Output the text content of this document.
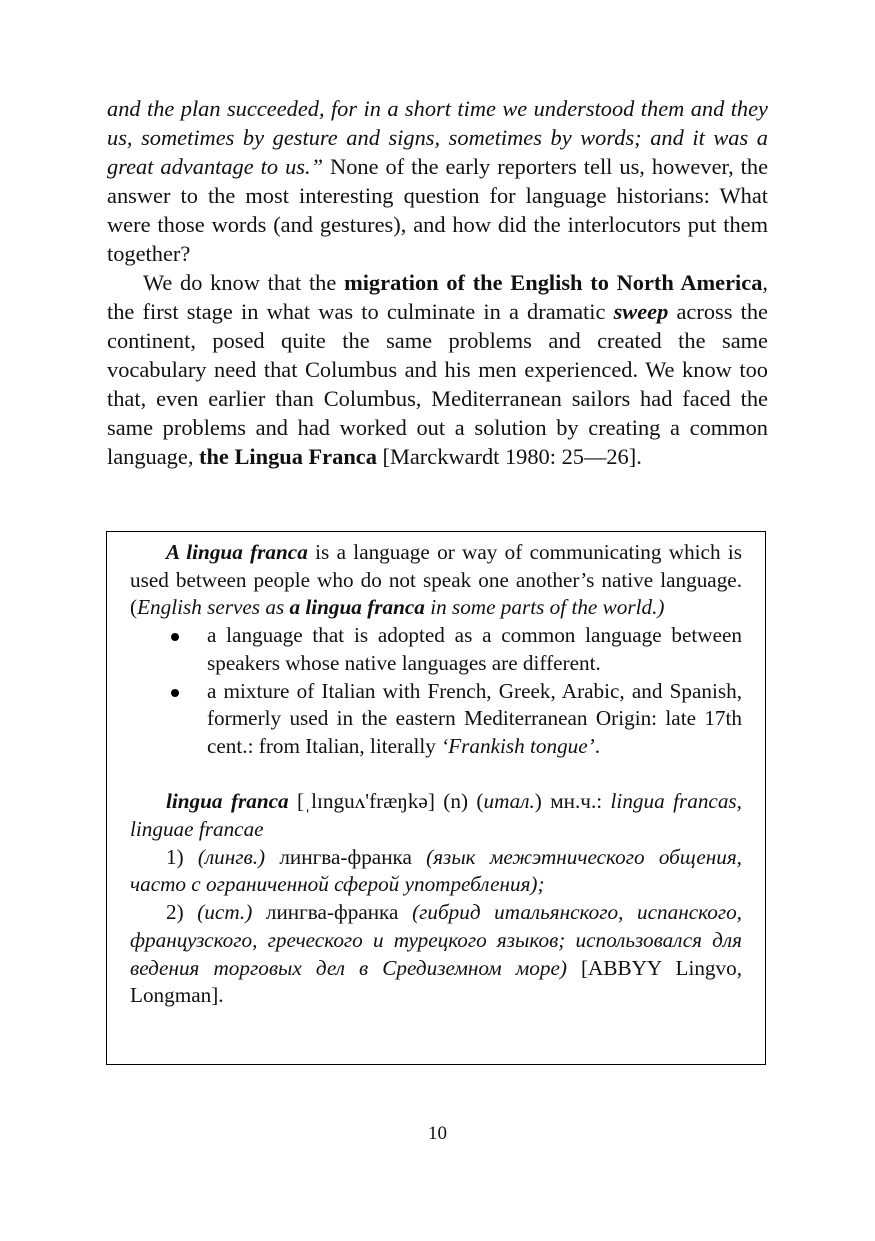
and the plan succeeded, for in a short time we understood them and they us, sometimes by gesture and signs, sometimes by words; and it was a great advantage to us.” None of the early reporters tell us, however, the answer to the most interesting question for language historians: What were those words (and gestures), and how did the interlocutors put them together?

We do know that the migration of the English to North America, the first stage in what was to culminate in a dramatic sweep across the continent, posed quite the same problems and created the same vocabulary need that Columbus and his men experienced. We know too that, even earlier than Columbus, Mediterranean sailors had faced the same problems and had worked out a solution by creating a common language, the Lingua Franca [Marckwardt 1980: 25—26].

A lingua franca is a language or way of communicating which is used between people who do not speak one another’s native language. (English serves as a lingua franca in some parts of the world.)

a language that is adopted as a common language between speakers whose native languages are different.
a mixture of Italian with French, Greek, Arabic, and Spanish, formerly used in the eastern Mediterranean Origin: late 17th cent.: from Italian, literally ‘Frankish tongue’.

lingua franca [ˌlɪnguʌ'fræŋkə] (n) (итал.) мн.ч.: lingua francas, linguae francae

1) (лингв.) лингва-франка (язык межэтнического общения, часто с ограниченной сферой употребления);

2) (ист.) лингва-франка (гибрид итальянского, испанского, французского, греческого и турецкого языков; использовался для ведения торговых дел в Средиземном море) [ABBYY Lingvo, Longman].

10
